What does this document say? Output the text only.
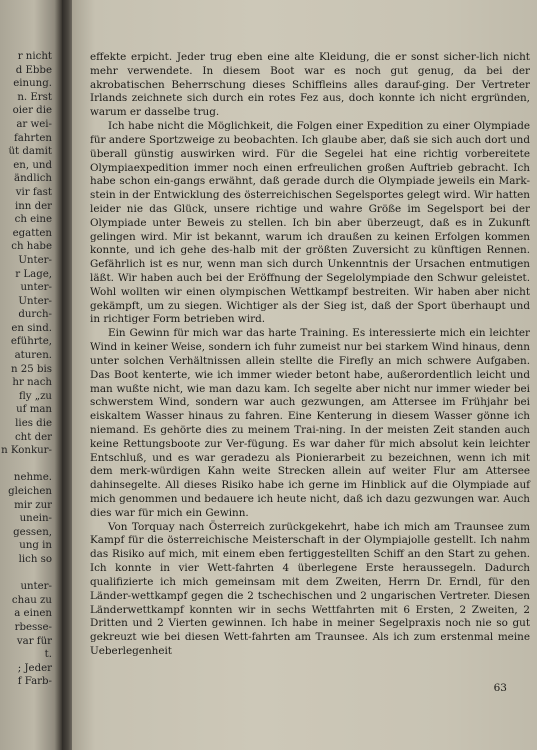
r nicht
d Ebbe
einung.
n. Erst
oier die
ar wei-
fahrten
üt damit
en, und
ändlich
vir fast
inn der
ch eine
egatten
ch habe
Unter-
r Lage,
unter-
Unter-
durch-
en sind.
eführte,
aturen.
n 25 bis
hr nach
fly „zu
uf man
lies die
cht der
n Konkur-
nehme.
gleichen
mir zur
unein-
gessen,
ung in
lich so
unter-
chau zu
a einen
rbesse-
var für
t.
; Jeder
f Farb-

effekte erpicht. Jeder trug eben eine alte Kleidung, die er sonst sicher-lich nicht mehr verwendete. In diesem Boot war es noch gut genug, da bei der akrobatischen Beherrschung dieses Schiffleins alles darauf-ging. Der Vertreter Irlands zeichnete sich durch ein rotes Fez aus, doch konnte ich nicht ergründen, warum er dasselbe trug.

Ich habe nicht die Möglichkeit, die Folgen einer Expedition zu einer Olympiade für andere Sportzweige zu beobachten. Ich glaube aber, daß sie sich auch dort und überall günstig auswirken wird. Für die Segelei hat eine richtig vorbereitete Olympiaexpedition immer noch einen erfreulichen großen Auftrieb gebracht. Ich habe schon ein-gangs erwähnt, daß gerade durch die Olympiade jeweils ein Mark-stein in der Entwicklung des österreichischen Segelsportes gelegt wird. Wir hatten leider nie das Glück, unsere richtige und wahre Größe im Segelsport bei der Olympiade unter Beweis zu stellen. Ich bin aber überzeugt, daß es in Zukunft gelingen wird. Mir ist bekannt, warum ich draußen zu keinen Erfolgen kommen konnte, und ich gehe des-halb mit der größten Zuversicht zu künftigen Rennen. Gefährlich ist es nur, wenn man sich durch Unkenntnis der Ursachen entmutigen läßt. Wir haben auch bei der Eröffnung der Segelolympiade den Schwur geleistet. Wohl wollten wir einen olympischen Wettkampf bestreiten. Wir haben aber nicht gekämpft, um zu siegen. Wichtiger als der Sieg ist, daß der Sport überhaupt und in richtiger Form betrieben wird.

Ein Gewinn für mich war das harte Training. Es interessierte mich ein leichter Wind in keiner Weise, sondern ich fuhr zumeist nur bei starkem Wind hinaus, denn unter solchen Verhältnissen allein stellte die Firefly an mich schwere Aufgaben. Das Boot kenterte, wie ich immer wieder betont habe, außerordentlich leicht und man wußte nicht, wie man dazu kam. Ich segelte aber nicht nur immer wieder bei schwerstem Wind, sondern war auch gezwungen, am Attersee im Frühjahr bei eiskaltem Wasser hinaus zu fahren. Eine Kenterung in diesem Wasser gönne ich niemand. Es gehörte dies zu meinem Trai-ning. In der meisten Zeit standen auch keine Rettungsboote zur Ver-fügung. Es war daher für mich absolut kein leichter Entschluß, und es war geradezu als Pionierarbeit zu bezeichnen, wenn ich mit dem merk-würdigen Kahn weite Strecken allein auf weiter Flur am Attersee dahinsegelte. All dieses Risiko habe ich gerne im Hinblick auf die Olympiade auf mich genommen und bedauere ich heute nicht, daß ich dazu gezwungen war. Auch dies war für mich ein Gewinn.

Von Torquay nach Österreich zurückgekehrt, habe ich mich am Traunsee zum Kampf für die österreichische Meisterschaft in der Olympiajolle gestellt. Ich nahm das Risiko auf mich, mit einem eben fertiggestellten Schiff an den Start zu gehen. Ich konnte in vier Wett-fahrten 4 überlegene Erste heraussegeln. Dadurch qualifizierte ich mich gemeinsam mit dem Zweiten, Herrn Dr. Erndl, für den Länder-wettkampf gegen die 2 tschechischen und 2 ungarischen Vertreter. Diesen Länderwettkampf konnten wir in sechs Wettfahrten mit 6 Ersten, 2 Zweiten, 2 Dritten und 2 Vierten gewinnen. Ich habe in meiner Segelpraxis noch nie so gut gekreuzt wie bei diesen Wett-fahrten am Traunsee. Als ich zum erstenmal meine Ueberlegenheit

63
